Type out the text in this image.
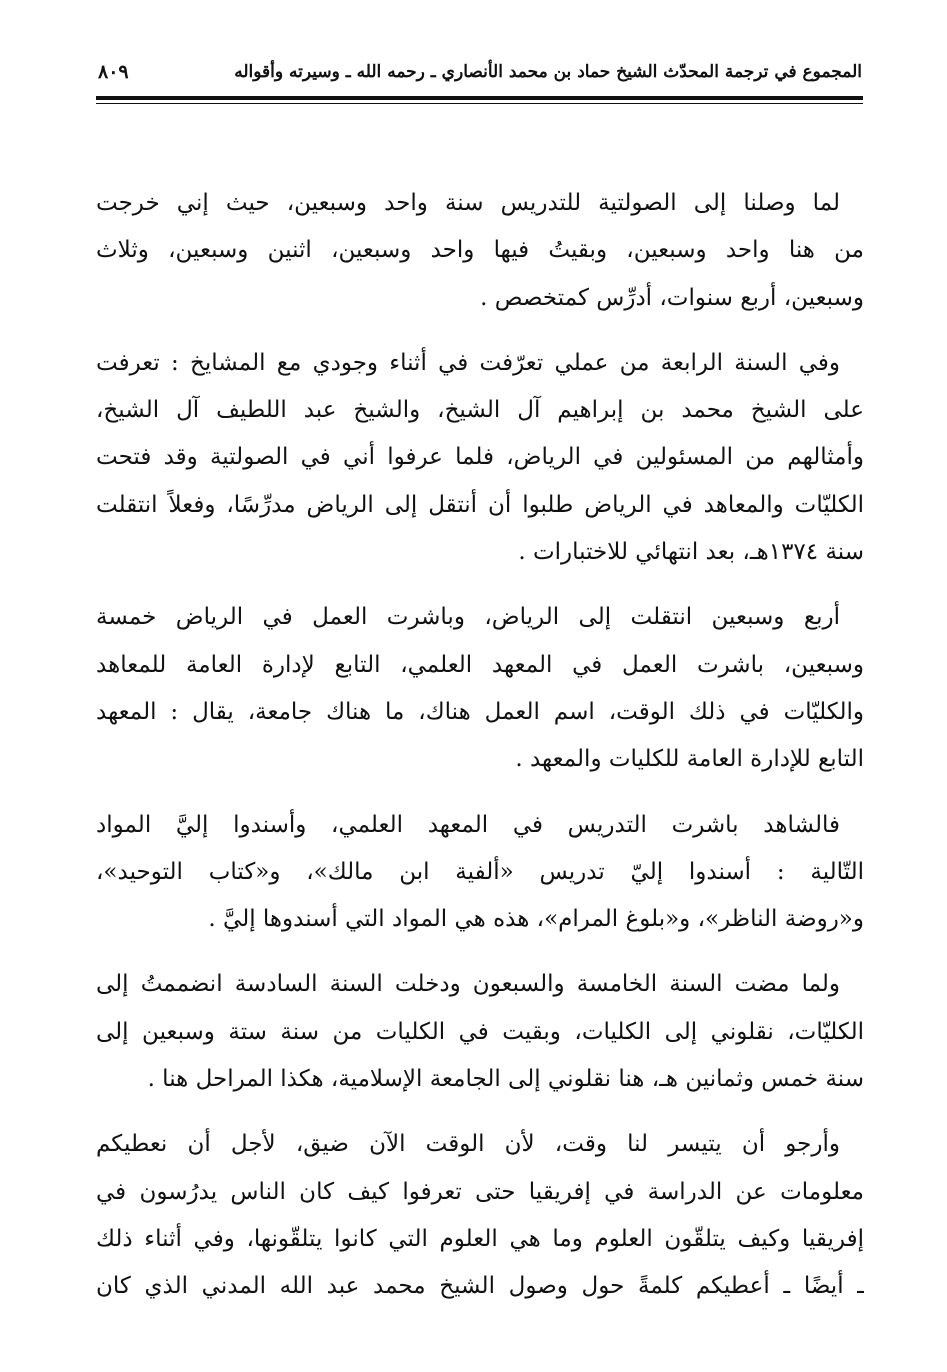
المجموع في ترجمة المحدّث الشيخ حماد بن محمد الأنصاري ـ رحمه الله ـ وسيرته وأقواله
٨٠٩

لما وصلنا إلى الصولتية للتدريس سنة واحد وسبعين، حيث إني خرجت
من هنا واحد وسبعين، وبقيتُ فيها واحد وسبعين، اثنين وسبعين، وثلاث
وسبعين، أربع سنوات، أدرِّس كمتخصص .

وفي السنة الرابعة من عملي تعرّفت في أثناء وجودي مع المشايخ : تعرفت
على الشيخ محمد بن إبراهيم آل الشيخ، والشيخ عبد اللطيف آل الشيخ،
وأمثالهم من المسئولين في الرياض، فلما عرفوا أني في الصولتية وقد فتحت
الكليّات والمعاهد في الرياض طلبوا أن أنتقل إلى الرياض مدرِّسًا، وفعلاً انتقلت
سنة ١٣٧٤هـ، بعد انتهائي للاختبارات .

أربع وسبعين انتقلت إلى الرياض، وباشرت العمل في الرياض خمسة
وسبعين، باشرت العمل في المعهد العلمي، التابع لإدارة العامة للمعاهد
والكليّات في ذلك الوقت، اسم العمل هناك، ما هناك جامعة، يقال : المعهد
التابع للإدارة العامة للكليات والمعهد .

فالشاهد باشرت التدريس في المعهد العلمي، وأسندوا إليَّ المواد
التّالية : أسندوا إليّ تدريس «ألفية ابن مالك»، و«كتاب التوحيد»،
و«روضة الناظر»، و«بلوغ المرام»، هذه هي المواد التي أسندوها إليَّ .

ولما مضت السنة الخامسة والسبعون ودخلت السنة السادسة انضممتُ إلى
الكليّات، نقلوني إلى الكليات، وبقيت في الكليات من سنة ستة وسبعين إلى
سنة خمس وثمانين هـ، هنا نقلوني إلى الجامعة الإسلامية، هكذا المراحل هنا .

وأرجو أن يتيسر لنا وقت، لأن الوقت الآن ضيق، لأجل أن نعطيكم
معلومات عن الدراسة في إفريقيا حتى تعرفوا كيف كان الناس يدرُسون في
إفريقيا وكيف يتلقّون العلوم وما هي العلوم التي كانوا يتلقّونها، وفي أثناء ذلك
ـ أيضًا ـ أعطيكم كلمةً حول وصول الشيخ محمد عبد الله المدني الذي كان
